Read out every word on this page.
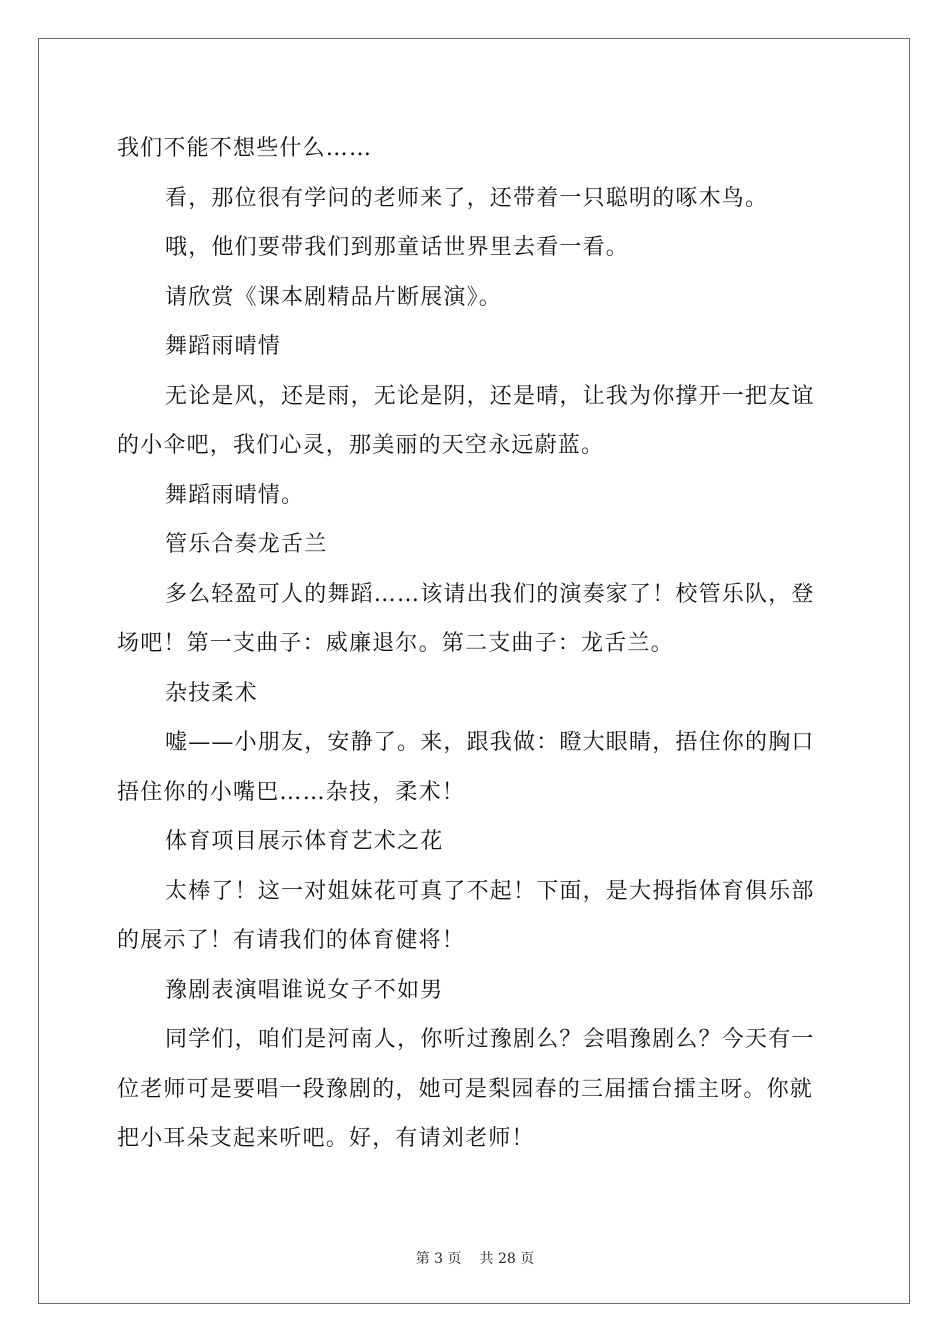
我们不能不想些什么……

看，那位很有学问的老师来了，还带着一只聪明的啄木鸟。

哦，他们要带我们到那童话世界里去看一看。

请欣赏《课本剧精品片断展演》。

舞蹈雨晴情

无论是风，还是雨，无论是阴，还是晴，让我为你撑开一把友谊的小伞吧，我们心灵，那美丽的天空永远蔚蓝。

舞蹈雨晴情。

管乐合奏龙舌兰

多么轻盈可人的舞蹈……该请出我们的演奏家了！校管乐队，登场吧！第一支曲子：威廉退尔。第二支曲子：龙舌兰。

杂技柔术

嘘——小朋友，安静了。来，跟我做：瞪大眼睛，捂住你的胸口捂住你的小嘴巴……杂技，柔术！

体育项目展示体育艺术之花

太棒了！这一对姐妹花可真了不起！下面，是大拇指体育俱乐部的展示了！有请我们的体育健将！

豫剧表演唱谁说女子不如男

同学们，咱们是河南人，你听过豫剧么？会唱豫剧么？今天有一位老师可是要唱一段豫剧的，她可是梨园春的三届擂台擂主呀。你就把小耳朵支起来听吧。好，有请刘老师！

第 3 页 共 28 页
